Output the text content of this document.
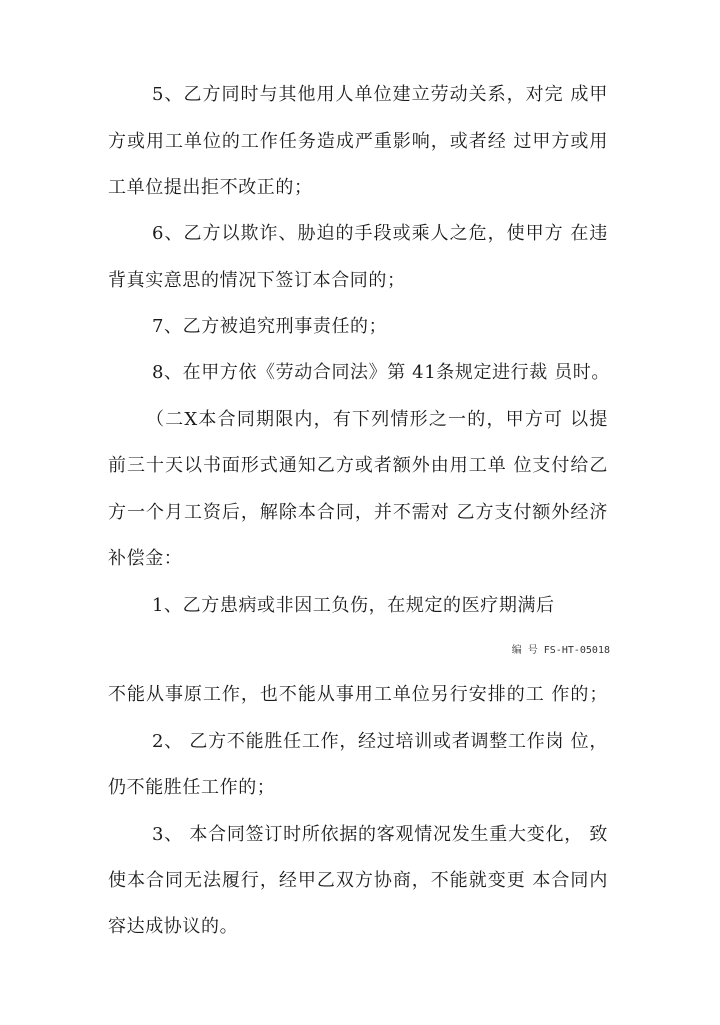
5、乙方同时与其他用人单位建立劳动关系，对完 成甲
方或用工单位的工作任务造成严重影响，或者经 过甲方或用
工单位提出拒不改正的；
6、乙方以欺诈、胁迫的手段或乘人之危，使甲方 在违
背真实意思的情况下签订本合同的；
7、乙方被追究刑事责任的；
8、在甲方依《劳动合同法》第 41条规定进行裁 员时。
（二X本合同期限内，有下列情形之一的，甲方可 以提
前三十天以书面形式通知乙方或者额外由用工单 位支付给乙
方一个月工资后，解除本合同，并不需对 乙方支付额外经济
补偿金：
1、乙方患病或非因工负伤，在规定的医疗期满后
编 号 FS-HT-05018
不能从事原工作，也不能从事用工单位另行安排的工 作的；
2、 乙方不能胜任工作，经过培训或者调整工作岗 位，
仍不能胜任工作的；
3、 本合同签订时所依据的客观情况发生重大变化， 致
使本合同无法履行，经甲乙双方协商，不能就变更 本合同内
容达成协议的。
